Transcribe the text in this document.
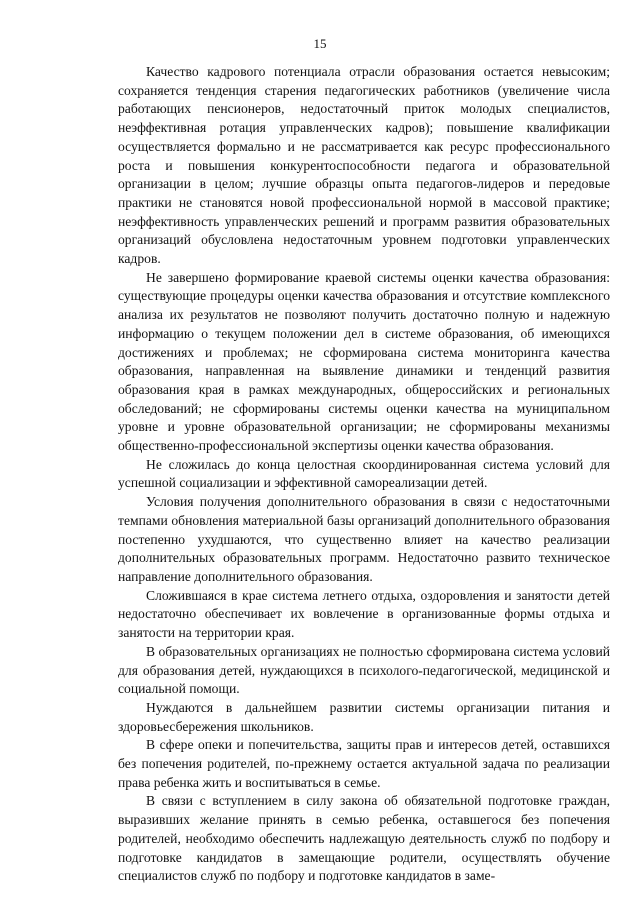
15

Качество кадрового потенциала отрасли образования остается невысоким; сохраняется тенденция старения педагогических работников (увеличение числа работающих пенсионеров, недостаточный приток молодых специалистов, неэффективная ротация управленческих кадров); повышение квалификации осуществляется формально и не рассматривается как ресурс профессионального роста и повышения конкурентоспособности педагога и образовательной организации в целом; лучшие образцы опыта педагогов-лидеров и передовые практики не становятся новой профессиональной нормой в массовой практике; неэффективность управленческих решений и программ развития образовательных организаций обусловлена недостаточным уровнем подготовки управленческих кадров.

Не завершено формирование краевой системы оценки качества образования: существующие процедуры оценки качества образования и отсутствие комплексного анализа их результатов не позволяют получить достаточно полную и надежную информацию о текущем положении дел в системе образования, об имеющихся достижениях и проблемах; не сформирована система мониторинга качества образования, направленная на выявление динамики и тенденций развития образования края в рамках международных, общероссийских и региональных обследований; не сформированы системы оценки качества на муниципальном уровне и уровне образовательной организации; не сформированы механизмы общественно-профессиональной экспертизы оценки качества образования.

Не сложилась до конца целостная скоординированная система условий для успешной социализации и эффективной самореализации детей.

Условия получения дополнительного образования в связи с недостаточными темпами обновления материальной базы организаций дополнительного образования постепенно ухудшаются, что существенно влияет на качество реализации дополнительных образовательных программ. Недостаточно развито техническое направление дополнительного образования.

Сложившаяся в крае система летнего отдыха, оздоровления и занятости детей недостаточно обеспечивает их вовлечение в организованные формы отдыха и занятости на территории края.

В образовательных организациях не полностью сформирована система условий для образования детей, нуждающихся в психолого-педагогической, медицинской и социальной помощи.

Нуждаются в дальнейшем развитии системы организации питания и здоровьесбережения школьников.

В сфере опеки и попечительства, защиты прав и интересов детей, оставшихся без попечения родителей, по-прежнему остается актуальной задача по реализации права ребенка жить и воспитываться в семье.

В связи с вступлением в силу закона об обязательной подготовке граждан, выразивших желание принять в семью ребенка, оставшегося без попечения родителей, необходимо обеспечить надлежащую деятельность служб по подбору и подготовке кандидатов в замещающие родители, осуществлять обучение специалистов служб по подбору и подготовке кандидатов в заме-
